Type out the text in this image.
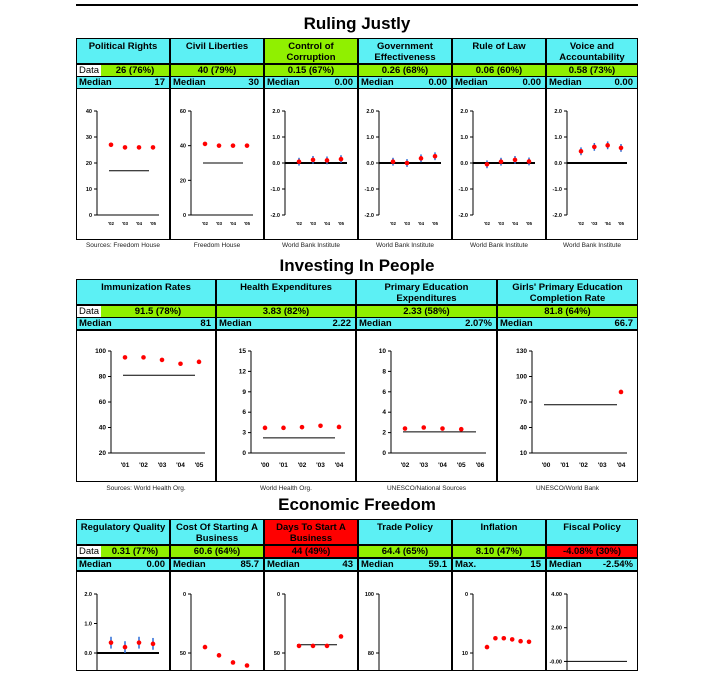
Ruling Justly
Political Rights
Data	26 (76%)
Median	17
0
10
20
30
40
'02 '03 '04 '05
Sources: Freedom House
Civil Liberties
40 (79%)
Median	30
0
20
40
60
'02 '03 '04 '05
Freedom House
Control of Corruption
0.15 (67%)
Median	0.00
-2.0
-1.0
0.0
1.0
2.0
'02 '03 '04 '05
World Bank Institute
Government Effectiveness
0.26 (68%)
Median	0.00
-2.0
-1.0
0.0
1.0
2.0
'02 '03 '04 '05
World Bank Institute
Rule of Law
0.06 (60%)
Median	0.00
-2.0
-1.0
0.0
1.0
2.0
'02 '03 '04 '05
World Bank Institute
Voice and Accountability
0.58 (73%)
Median	0.00
-2.0
-1.0
0.0
1.0
2.0
'02 '03 '04 '05
World Bank Institute
Investing In People
Immunization Rates
Data	91.5 (78%)
Median	81
20
40
60
80
100
'01 '02 '03 '04 '05
Sources: World Health Org.
Health Expenditures
3.83 (82%)
Median	2.22
0
3
6
9
12
15
'00 '01 '02 '03 '04
World Health Org.
Primary Education Expenditures
2.33 (58%)
Median	2.07%
0
2
4
6
8
10
'02 '03 '04 '05 '06
UNESCO/National Sources
Girls' Primary Education Completion Rate
81.8 (64%)
Median	66.7
10
40
70
100
130
'00 '01 '02 '03 '04
UNESCO/World Bank
Economic Freedom
Regulatory Quality
Data	0.31 (77%)
Median	0.00
0.0
1.0
2.0
Cost Of Starting A Business
60.6 (64%)
Median	85.7
0
50
Days To Start A Business
44 (49%)
Median	43
0
50
Trade Policy
64.4 (65%)
Median	59.1
80
100
Inflation
8.10 (47%)
Max.	15
0
10
Fiscal Policy
-4.08% (30%)
Median -2.54%
4.00
2.00
-0.00
